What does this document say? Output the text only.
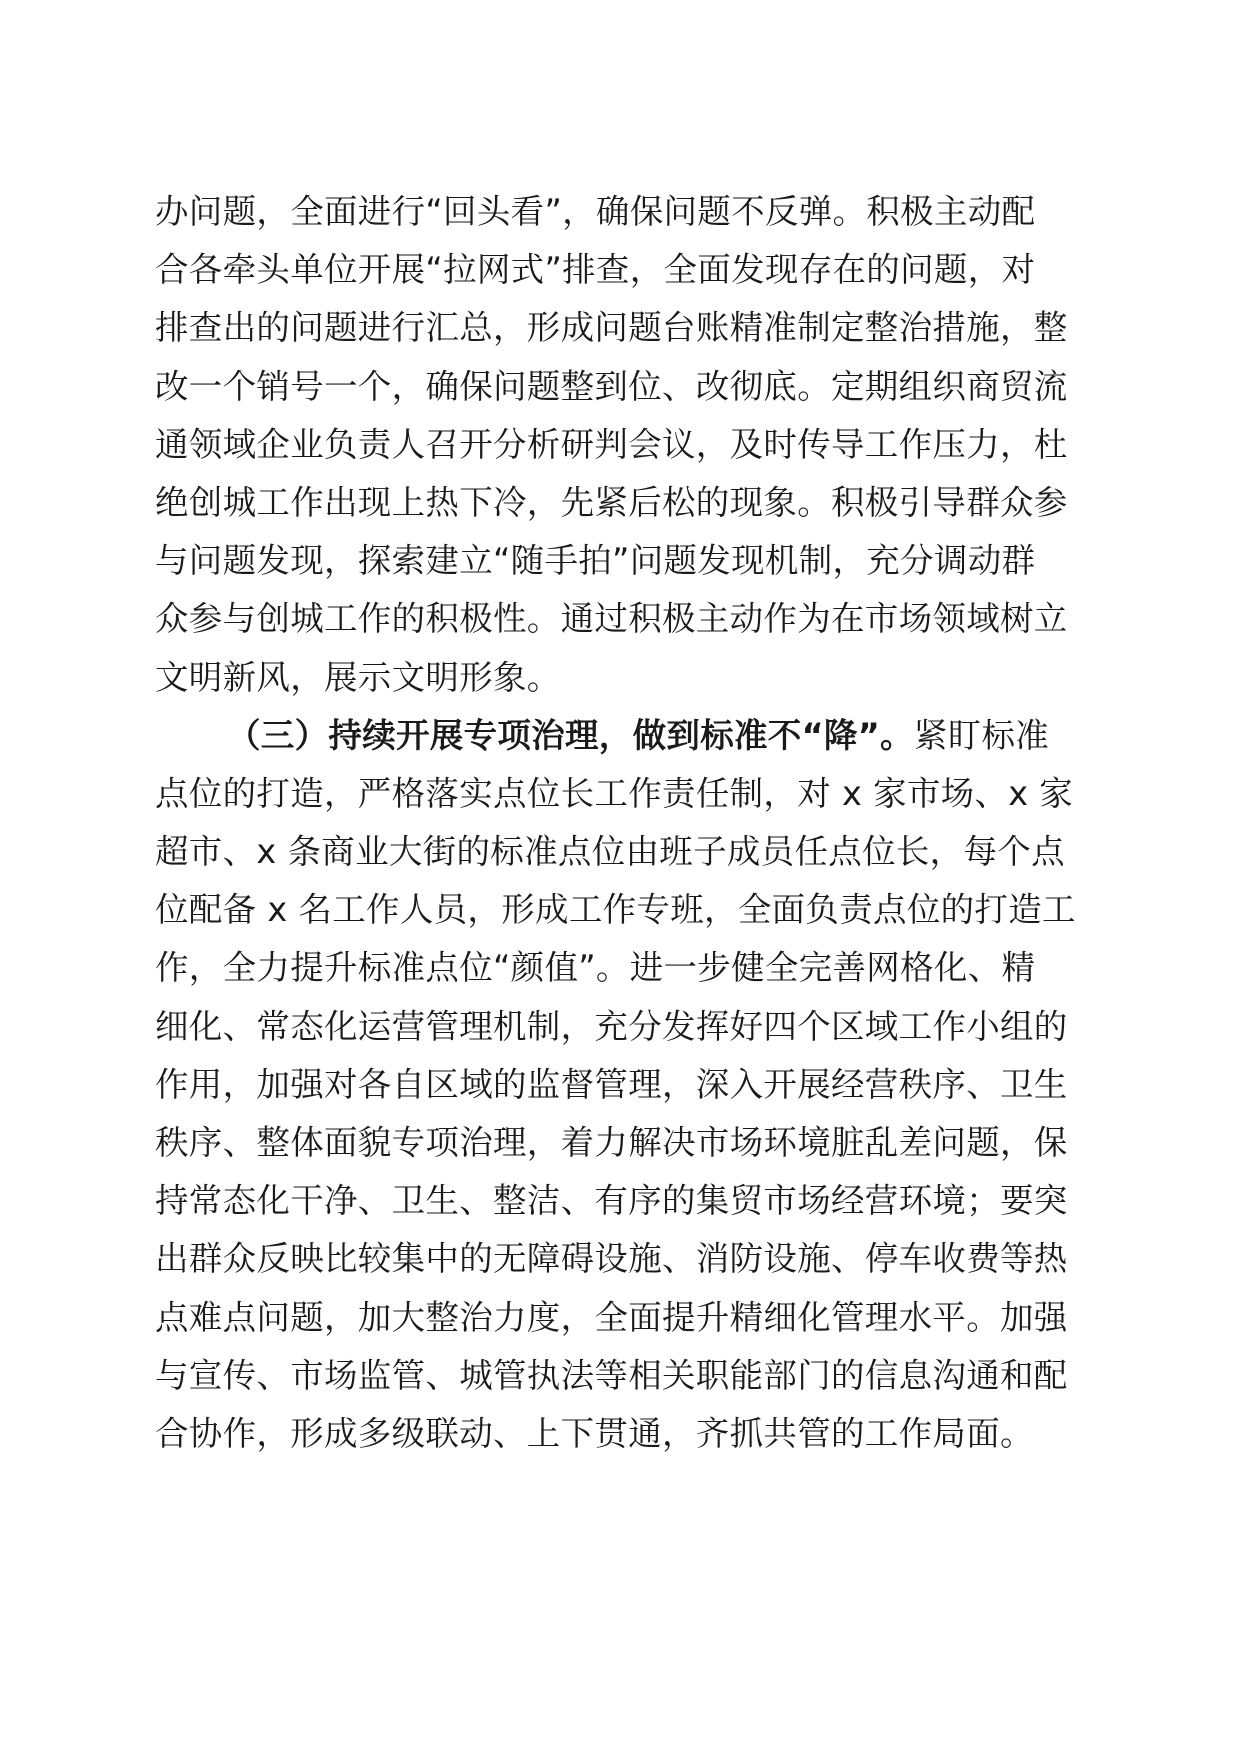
办问题，全面进行“回头看”，确保问题不反弹。积极主动配
合各牵头单位开展“拉网式”排查，全面发现存在的问题，对
排查出的问题进行汇总，形成问题台账精准制定整治措施，整
改一个销号一个，确保问题整到位、改彻底。定期组织商贸流
通领域企业负责人召开分析研判会议，及时传导工作压力，杜
绝创城工作出现上热下冷，先紧后松的现象。积极引导群众参
与问题发现，探索建立“随手拍”问题发现机制，充分调动群
众参与创城工作的积极性。通过积极主动作为在市场领域树立
文明新风，展示文明形象。
（三）持续开展专项治理，做到标准不“降”。紧盯标准
点位的打造，严格落实点位长工作责任制，对 x 家市场、x 家
超市、x 条商业大街的标准点位由班子成员任点位长，每个点
位配备 x 名工作人员，形成工作专班，全面负责点位的打造工
作，全力提升标准点位“颜值”。进一步健全完善网格化、精
细化、常态化运营管理机制，充分发挥好四个区域工作小组的
作用，加强对各自区域的监督管理，深入开展经营秩序、卫生
秩序、整体面貌专项治理，着力解决市场环境脏乱差问题，保
持常态化干净、卫生、整洁、有序的集贸市场经营环境；要突
出群众反映比较集中的无障碍设施、消防设施、停车收费等热
点难点问题，加大整治力度，全面提升精细化管理水平。加强
与宣传、市场监管、城管执法等相关职能部门的信息沟通和配
合协作，形成多级联动、上下贯通，齐抓共管的工作局面。
